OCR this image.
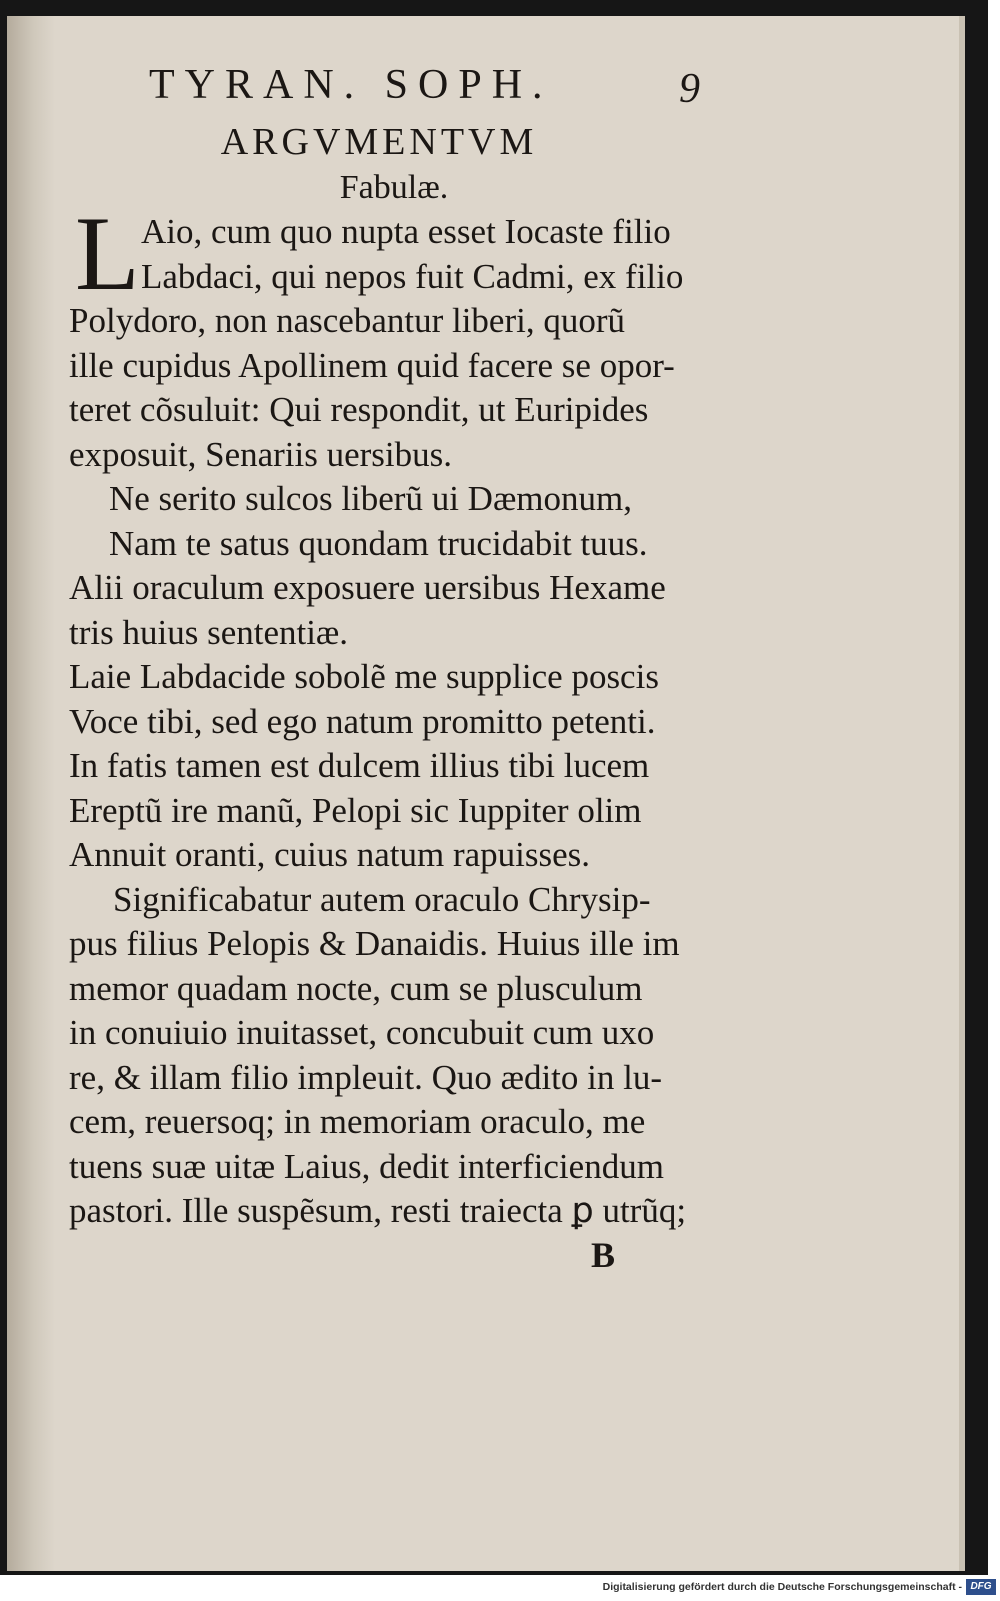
TYRAN. SOPH.	9
ARGVMENTVM
Fabulæ.
L Aio, cum quo nupta esset Iocaste filio
Labdaci, qui nepos fuit Cadmi, ex filio
Polydoro, non nascebantur liberi, quorũ
ille cupidus Apollinem quid facere se opor-
teret cõsuluit: Qui respondit, ut Euripides
exposuit, Senariis uersibus.
Ne serito sulcos liberũ ui Dæmonum,
Nam te satus quondam trucidabit tuus.
Alii oraculum exposuere uersibus Hexame
tris huius sententiæ.
Laie Labdacide sobolẽ me supplice poscis
Voce tibi, sed ego natum promitto petenti.
In fatis tamen est dulcem illius tibi lucem
Ereptũ ire manũ, Pelopi sic Iuppiter olim
Annuit oranti, cuius natum rapuisses.
Significabatur autem oraculo Chrysip-
pus filius Pelopis & Danaidis. Huius ille im
memor quadam nocte, cum se plusculum
in conuiuio inuitasset, concubuit cum uxo
re, & illam filio impleuit. Quo ædito in lu-
cem, reuersoq; in memoriam oraculo, me
tuens suæ uitæ Laius, dedit interficiendum
pastori. Ille suspẽsum, resti traiecta ꝑ utrũq;
B
Digitalisierung gefördert durch die Deutsche Forschungsgemeinschaft - DFG
